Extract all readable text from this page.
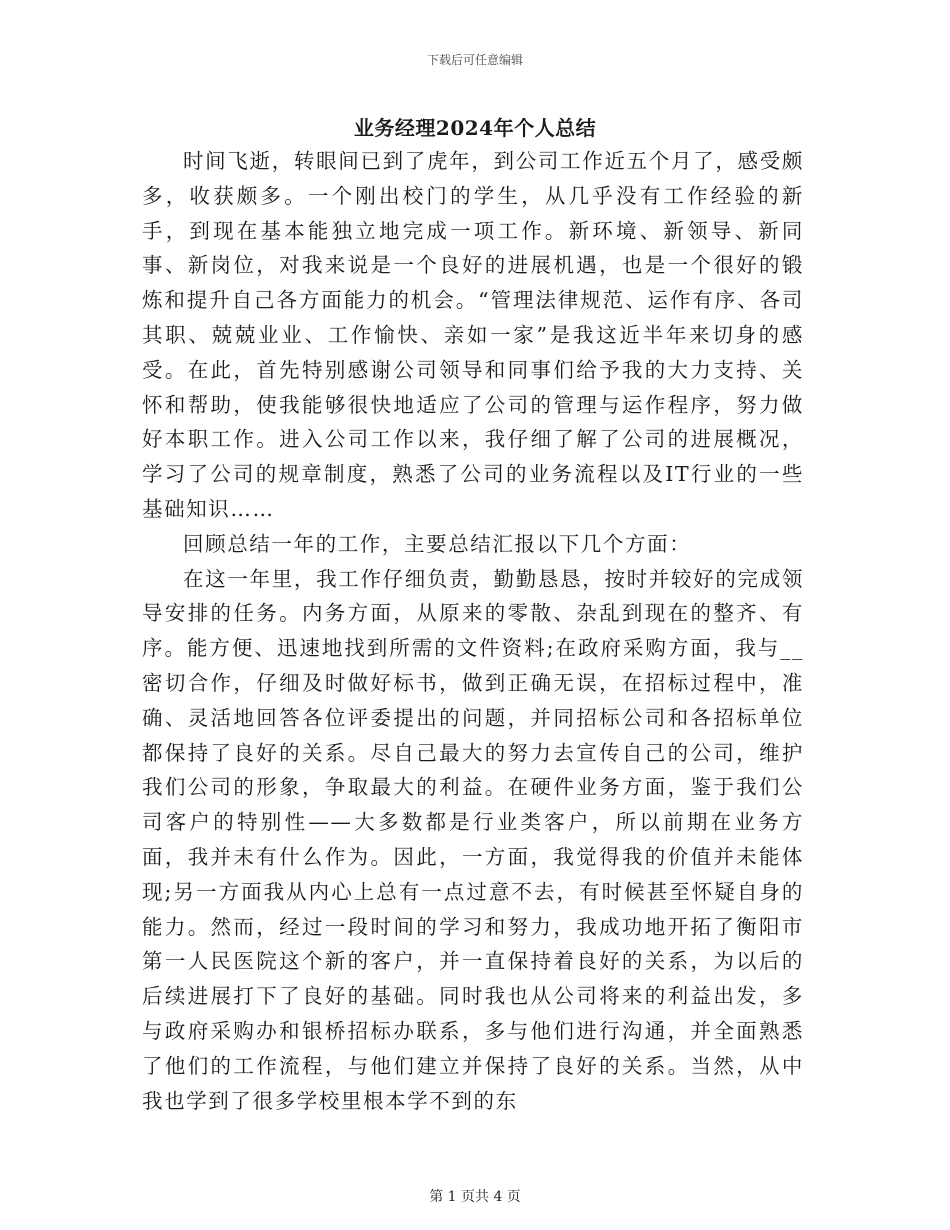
下载后可任意编辑
业务经理2024年个人总结

时间飞逝，转眼间已到了虎年，到公司工作近五个月了，感受颇多，收获颇多。一个刚出校门的学生，从几乎没有工作经验的新手，到现在基本能独立地完成一项工作。新环境、新领导、新同事、新岗位，对我来说是一个良好的进展机遇，也是一个很好的锻炼和提升自己各方面能力的机会。“管理法律规范、运作有序、各司其职、兢兢业业、工作愉快、亲如一家”是我这近半年来切身的感受。在此，首先特别感谢公司领导和同事们给予我的大力支持、关怀和帮助，使我能够很快地适应了公司的管理与运作程序，努力做好本职工作。进入公司工作以来，我仔细了解了公司的进展概况，学习了公司的规章制度，熟悉了公司的业务流程以及IT行业的一些基础知识……

回顾总结一年的工作，主要总结汇报以下几个方面：

在这一年里，我工作仔细负责，勤勤恳恳，按时并较好的完成领导安排的任务。内务方面，从原来的零散、杂乱到现在的整齐、有序。能方便、迅速地找到所需的文件资料;在政府采购方面，我与__密切合作，仔细及时做好标书，做到正确无误，在招标过程中，准确、灵活地回答各位评委提出的问题，并同招标公司和各招标单位都保持了良好的关系。尽自己最大的努力去宣传自己的公司，维护我们公司的形象，争取最大的利益。在硬件业务方面，鉴于我们公司客户的特别性——大多数都是行业类客户，所以前期在业务方面，我并未有什么作为。因此，一方面，我觉得我的价值并未能体现;另一方面我从内心上总有一点过意不去，有时候甚至怀疑自身的能力。然而，经过一段时间的学习和努力，我成功地开拓了衡阳市第一人民医院这个新的客户，并一直保持着良好的关系，为以后的后续进展打下了良好的基础。同时我也从公司将来的利益出发，多与政府采购办和银桥招标办联系，多与他们进行沟通，并全面熟悉了他们的工作流程，与他们建立并保持了良好的关系。当然，从中我也学到了很多学校里根本学不到的东

第 1 页共 4 页
